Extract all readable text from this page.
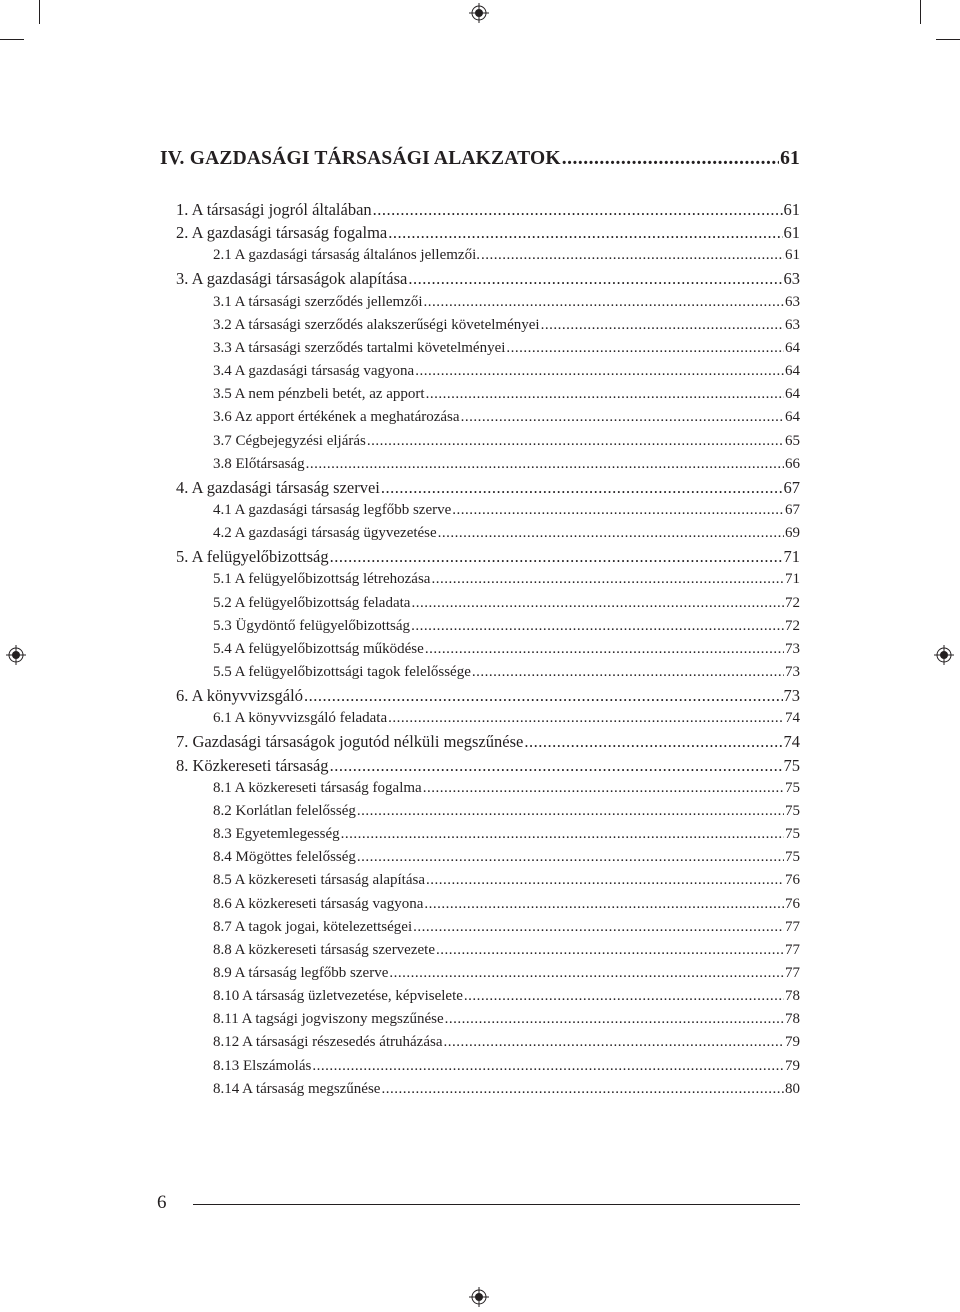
IV. GAZDASÁGI TÁRSASÁGI ALAKZATOK .....	61
1. A társasági jogról általában .....	61
2. A gazdasági társaság fogalma .....	61
2.1 A gazdasági társaság általános jellemzői. .....	61
3. A gazdasági társaságok alapítása .....	63
3.1 A társasági szerződés jellemzői .....	63
3.2 A társasági szerződés alakszerűségi követelményei .....	63
3.3 A társasági szerződés tartalmi követelményei .....	64
3.4 A gazdasági társaság vagyona .....	64
3.5 A nem pénzbeli betét, az apport .....	64
3.6 Az apport értékének a meghatározása .....	64
3.7 Cégbejegyzési eljárás .....	65
3.8 Előtársaság .....	66
4. A gazdasági társaság szervei .....	67
4.1 A gazdasági társaság legfőbb szerve .....	67
4.2 A gazdasági társaság ügyvezetése .....	69
5. A felügyelőbizottság .....	71
5.1 A felügyelőbizottság létrehozása .....	71
5.2 A felügyelőbizottság feladata .....	72
5.3 Ügydöntő felügyelőbizottság .....	72
5.4 A felügyelőbizottság működése .....	73
5.5 A felügyelőbizottsági tagok felelőssége .....	73
6. A könyvvizsgáló .....	73
6.1 A könyvvizsgáló feladata .....	74
7. Gazdasági társaságok jogutód nélküli megszűnése .....	74
8. Közkereseti társaság .....	75
8.1 A közkereseti társaság fogalma .....	75
8.2 Korlátlan felelősség .....	75
8.3 Egyetemlegesség .....	75
8.4 Mögöttes felelősség .....	75
8.5 A közkereseti társaság alapítása .....	76
8.6 A közkereseti társaság vagyona .....	76
8.7 A tagok jogai, kötelezettségei .....	77
8.8 A közkereseti társaság szervezete .....	77
8.9 A társaság legfőbb szerve .....	77
8.10 A társaság üzletvezetése, képviselete .....	78
8.11 A tagsági jogviszony megszűnése .....	78
8.12 A társasági részesedés átruházása .....	79
8.13 Elszámolás .....	79
8.14 A társaság megszűnése .....	80
6
